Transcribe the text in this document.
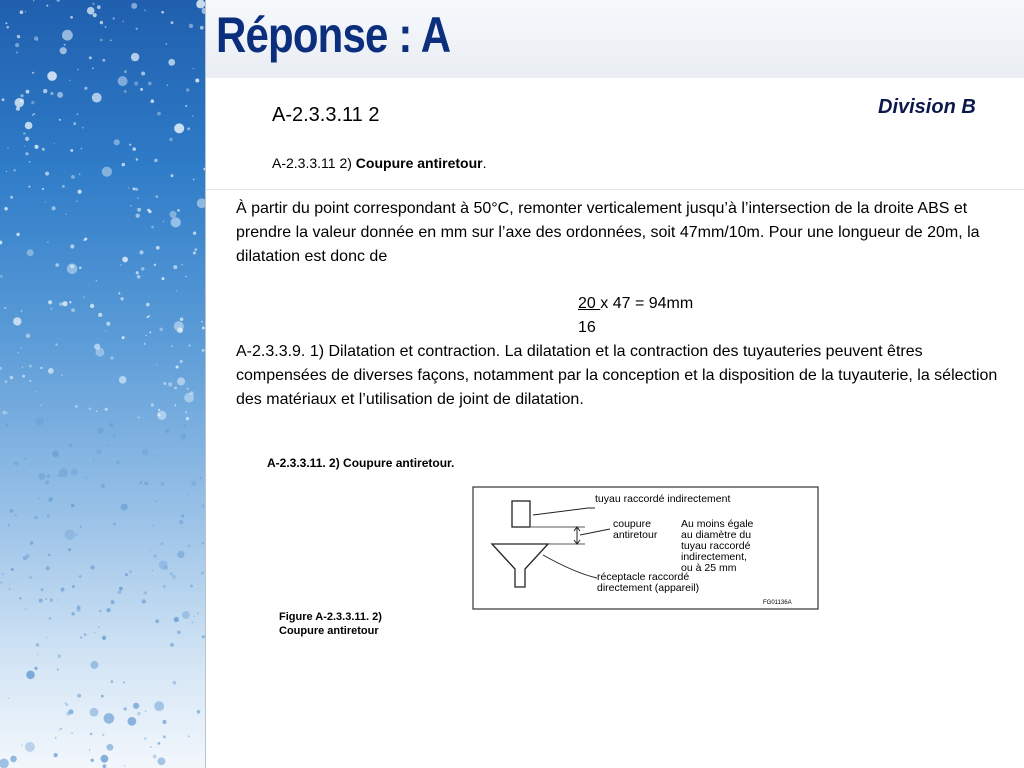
Réponse : A
A-2.3.3.11 2	Division B
A-2.3.3.11 2) Coupure antiretour.
À partir du point correspondant à 50°C, remonter verticalement jusqu’à l’intersection de la droite ABS et prendre la valeur donnée en mm sur l’axe des ordonnées, soit 47mm/10m. Pour une longueur de 20m, la dilatation est donc de
20 x 47 = 94mm
16
A-2.3.3.9. 1) Dilatation et contraction. La dilatation et la contraction des tuyauteries peuvent êtres compensées de diverses façons, notamment par la conception et la disposition de la tuyauterie, la sélection des matériaux et l’utilisation de joint de dilatation.
A-2.3.3.11. 2) Coupure antiretour.
tuyau raccordé indirectement
coupure
antiretour
Au moins égale
au diamètre du
tuyau raccordé
indirectement,
ou à 25 mm
réceptacle raccordé
directement (appareil)
FG01136A
Figure A-2.3.3.11. 2)
Coupure antiretour
